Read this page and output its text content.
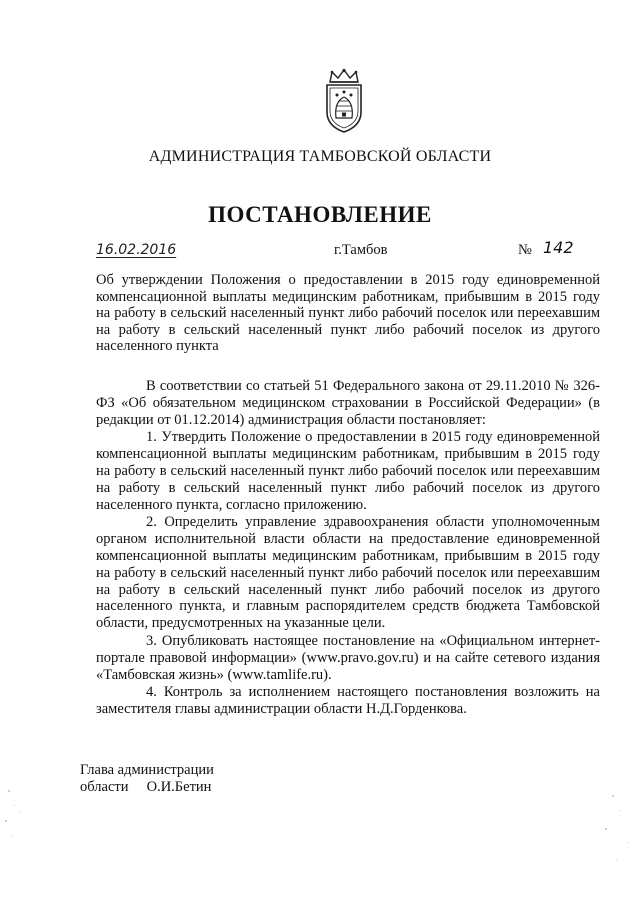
АДМИНИСТРАЦИЯ ТАМБОВСКОЙ ОБЛАСТИ
ПОСТАНОВЛЕНИЕ
16.02.2016	г.Тамбов	№ 142
Об утверждении Положения о предоставлении в 2015 году единовременной компенсационной выплаты медицинским работникам, прибывшим в 2015 году на работу в сельский населенный пункт либо рабочий поселок или переехавшим на работу в сельский населенный пункт либо рабочий поселок из другого населенного пункта

В соответствии со статьей 51 Федерального закона от 29.11.2010 № 326-ФЗ «Об обязательном медицинском страховании в Российской Федерации» (в редакции от 01.12.2014) администрация области постановляет:

1. Утвердить Положение о предоставлении в 2015 году единовременной компенсационной выплаты медицинским работникам, прибывшим в 2015 году на работу в сельский населенный пункт либо рабочий поселок или переехавшим на работу в сельский населенный пункт либо рабочий поселок из другого населенного пункта, согласно приложению.

2. Определить управление здравоохранения области уполномоченным органом исполнительной власти области на предоставление единовременной компенсационной выплаты медицинским работникам, прибывшим в 2015 году на работу в сельский населенный пункт либо рабочий поселок или переехавшим на работу в сельский населенный пункт либо рабочий поселок из другого населенного пункта, и главным распорядителем средств бюджета Тамбовской области, предусмотренных на указанные цели.

3. Опубликовать настоящее постановление на «Официальном интернет-портале правовой информации» (www.pravo.gov.ru) и на сайте сетевого издания «Тамбовская жизнь» (www.tamlife.ru).

4. Контроль за исполнением настоящего постановления возложить на заместителя главы администрации области Н.Д.Горденкова.

Глава администрации
области О.И.Бетин
